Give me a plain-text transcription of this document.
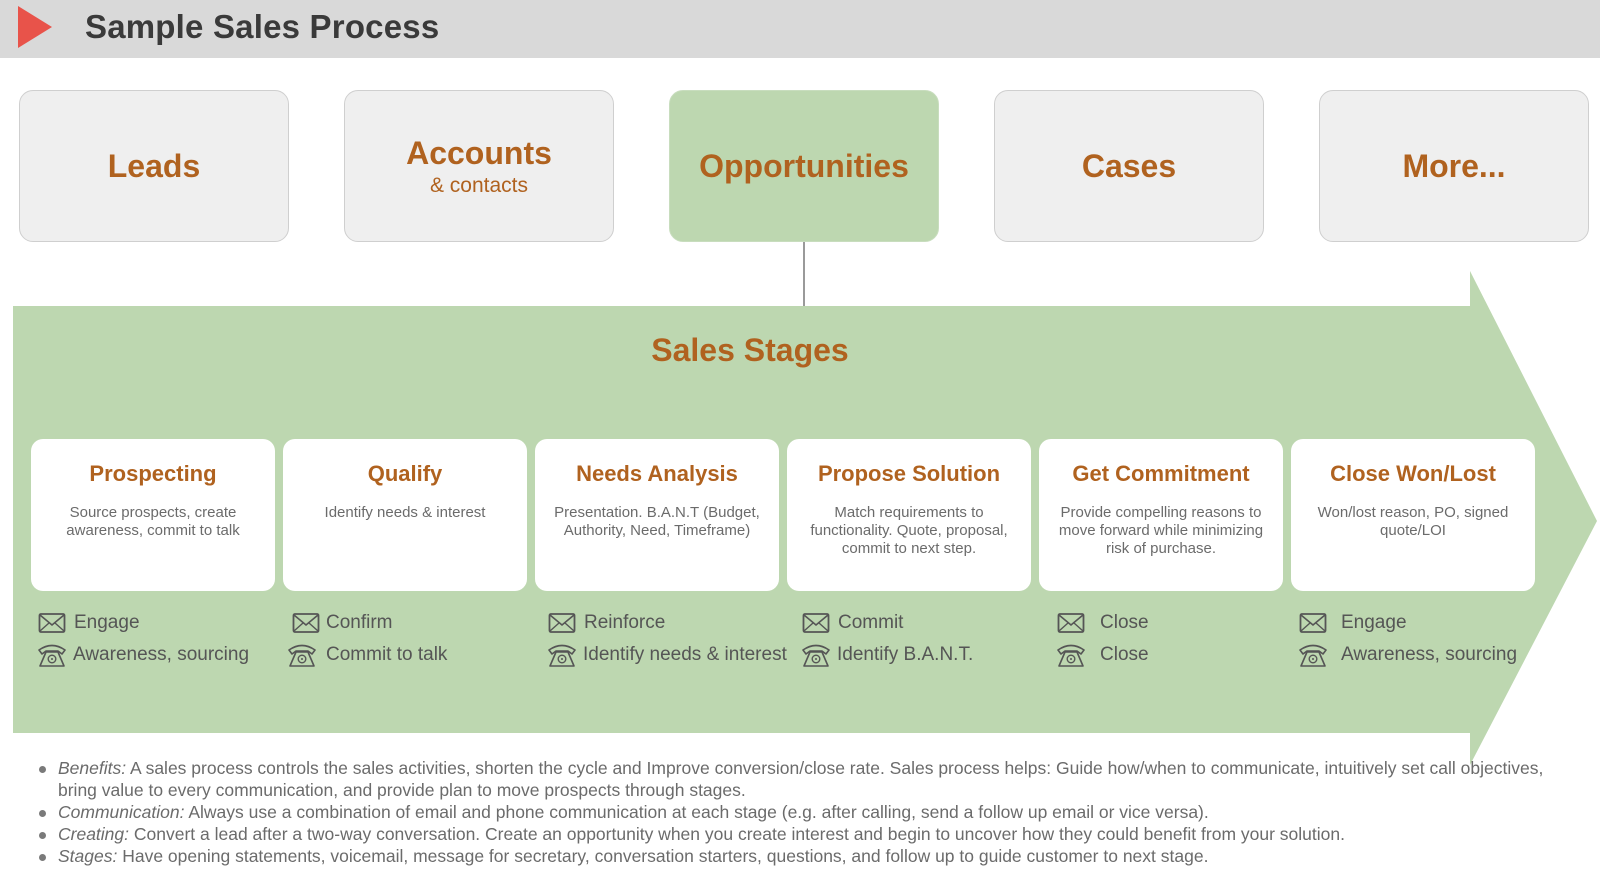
Sample Sales Process
Leads	Accounts
& contacts
Opportunities	Cases	More...
Sales Stages
Prospecting
Source prospects, create awareness, commit to talk
Qualify
Identify needs & interest
Needs Analysis
Presentation. B.A.N.T (Budget, Authority, Need, Timeframe)
Propose Solution
Match requirements to functionality. Quote, proposal, commit to next step.
Get Commitment
Provide compelling reasons to move forward while minimizing risk of purchase.
Close Won/Lost
Won/lost reason, PO, signed quote/LOI
Engage	Confirm	Reinforce	Commit	Close	Engage
Awareness, sourcing	Commit to talk	Identify needs & interest	Identify B.A.N.T.	Close	Awareness, sourcing
Benefits: A sales process controls the sales activities, shorten the cycle and Improve conversion/close rate. Sales process helps: Guide how/when to communicate, intuitively set call objectives, bring value to every communication, and provide plan to move prospects through stages.
Communication: Always use a combination of email and phone communication at each stage (e.g. after calling, send a follow up email or vice versa).
Creating: Convert a lead after a two-way conversation. Create an opportunity when you create interest and begin to uncover how they could benefit from your solution.
Stages: Have opening statements, voicemail, message for secretary, conversation starters, questions, and follow up to guide customer to next stage.
